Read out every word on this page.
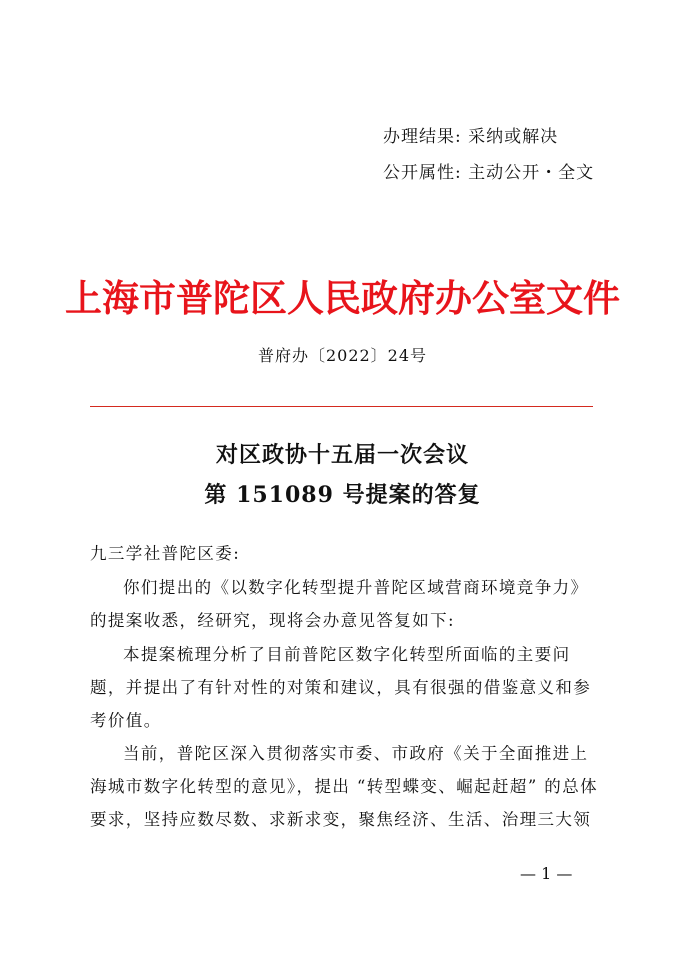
办理结果: 采纳或解决
公开属性: 主动公开・全文
上海市普陀区人民政府办公室文件
普府办〔2022〕24号
对区政协十五届一次会议
第 151089 号提案的答复
九三学社普陀区委:
你们提出的《以数字化转型提升普陀区域营商环境竞争力》
的提案收悉，经研究，现将会办意见答复如下:
本提案梳理分析了目前普陀区数字化转型所面临的主要问
题，并提出了有针对性的对策和建议，具有很强的借鉴意义和参
考价值。
当前，普陀区深入贯彻落实市委、市政府《关于全面推进上
海城市数字化转型的意见》，提出 “转型蝶变、崛起赶超” 的总体
要求，坚持应数尽数、求新求变，聚焦经济、生活、治理三大领
— 1 —
